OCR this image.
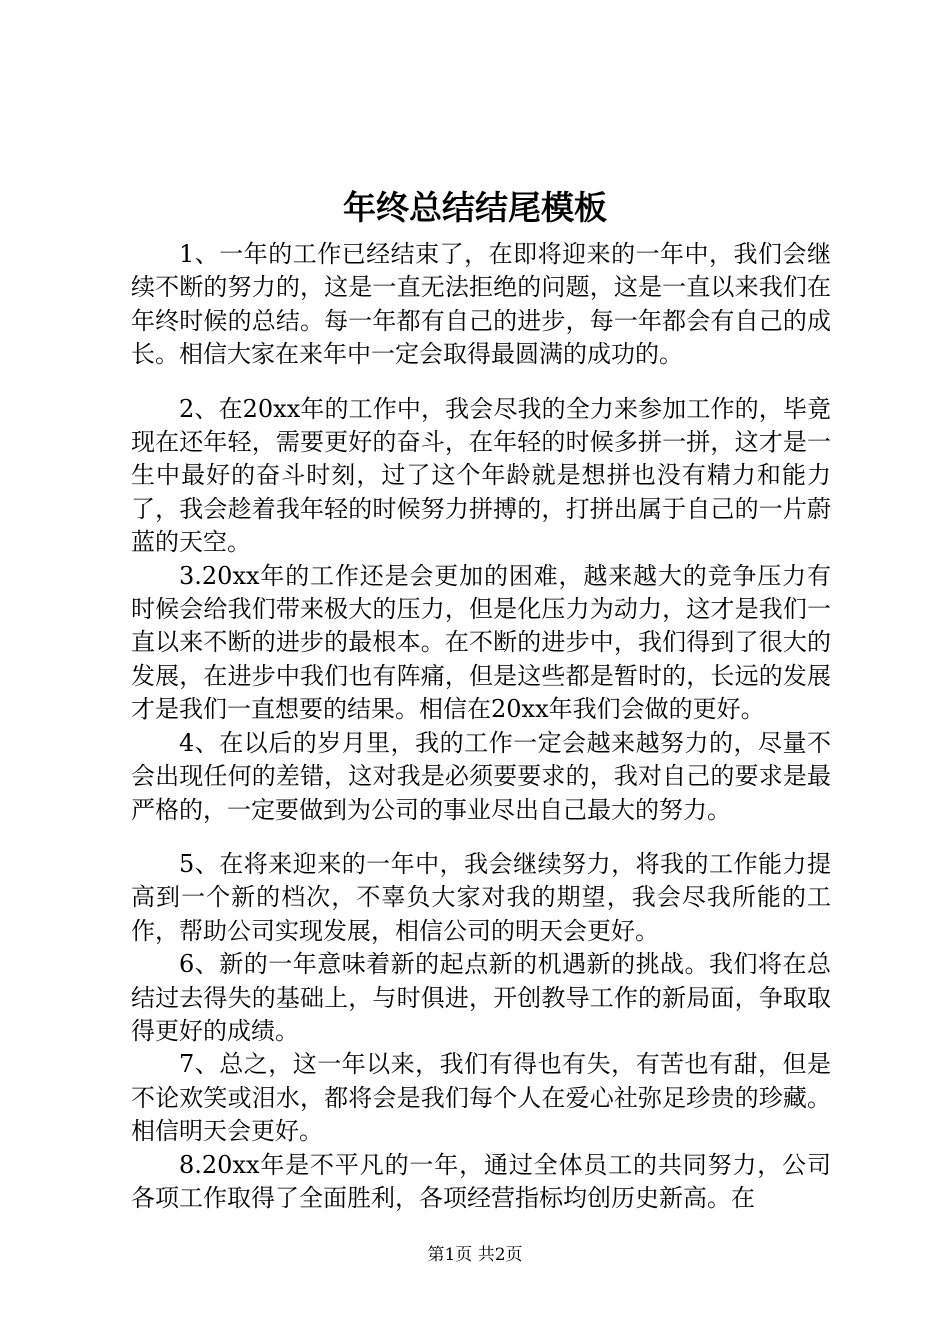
年终总结结尾模板

1、一年的工作已经结束了，在即将迎来的一年中，我们会继续不断的努力的，这是一直无法拒绝的问题，这是一直以来我们在年终时候的总结。每一年都有自己的进步，每一年都会有自己的成长。相信大家在来年中一定会取得最圆满的成功的。

2、在20xx年的工作中，我会尽我的全力来参加工作的，毕竟现在还年轻，需要更好的奋斗，在年轻的时候多拼一拼，这才是一生中最好的奋斗时刻，过了这个年龄就是想拼也没有精力和能力了，我会趁着我年轻的时候努力拼搏的，打拼出属于自己的一片蔚蓝的天空。

3.20xx年的工作还是会更加的困难，越来越大的竞争压力有时候会给我们带来极大的压力，但是化压力为动力，这才是我们一直以来不断的进步的最根本。在不断的进步中，我们得到了很大的发展，在进步中我们也有阵痛，但是这些都是暂时的，长远的发展才是我们一直想要的结果。相信在20xx年我们会做的更好。

4、在以后的岁月里，我的工作一定会越来越努力的，尽量不会出现任何的差错，这对我是必须要要求的，我对自己的要求是最严格的，一定要做到为公司的事业尽出自己最大的努力。

5、在将来迎来的一年中，我会继续努力，将我的工作能力提高到一个新的档次，不辜负大家对我的期望，我会尽我所能的工作，帮助公司实现发展，相信公司的明天会更好。

6、新的一年意味着新的起点新的机遇新的挑战。我们将在总结过去得失的基础上，与时俱进，开创教导工作的新局面，争取取得更好的成绩。

7、总之，这一年以来，我们有得也有失，有苦也有甜，但是不论欢笑或泪水，都将会是我们每个人在爱心社弥足珍贵的珍藏。相信明天会更好。

8.20xx年是不平凡的一年，通过全体员工的共同努力，公司各项工作取得了全面胜利，各项经营指标均创历史新高。在

第1页 共2页
